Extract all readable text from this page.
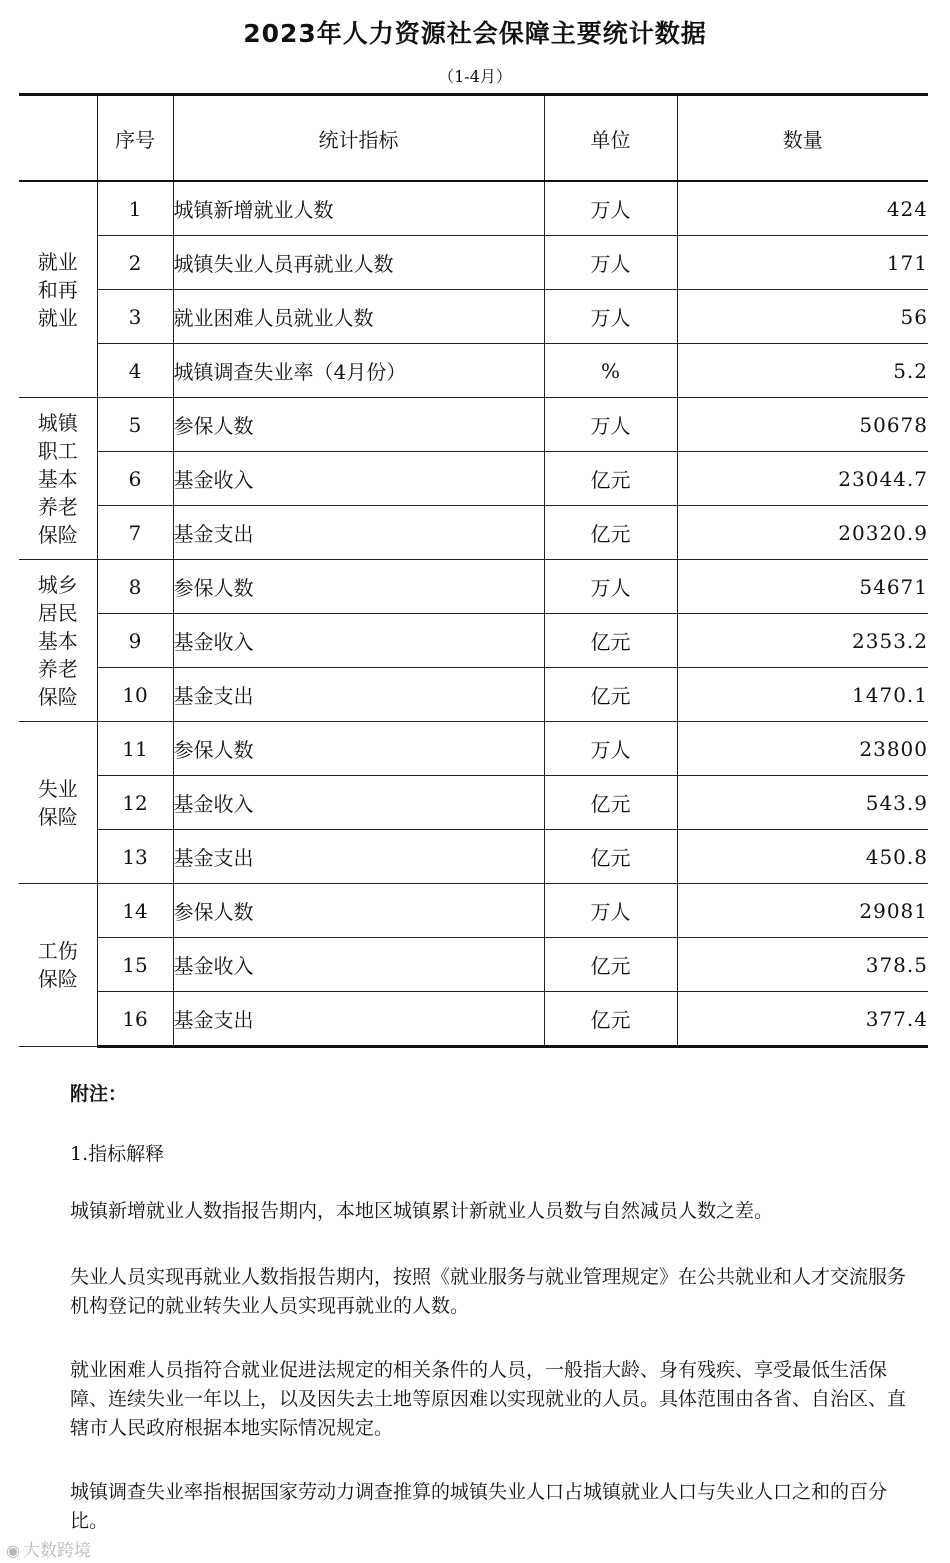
2023年人力资源社会保障主要统计数据
（1-4月）
	序号	统计指标	单位	数量

就业
和再
就业	1	城镇新增就业人数	万人	424
	2	城镇失业人员再就业人数	万人	171
	3	就业困难人员就业人数	万人	56
	4	城镇调查失业率（4月份）	%	5.2

城镇
职工
基本
养老
保险	5	参保人数	万人	50678
	6	基金收入	亿元	23044.7
	7	基金支出	亿元	20320.9

城乡
居民
基本
养老
保险	8	参保人数	万人	54671
	9	基金收入	亿元	2353.2
	10	基金支出	亿元	1470.1

失业
保险	11	参保人数	万人	23800
	12	基金收入	亿元	543.9
	13	基金支出	亿元	450.8

工伤
保险	14	参保人数	万人	29081
	15	基金收入	亿元	378.5
	16	基金支出	亿元	377.4
附注：
1.指标解释
城镇新增就业人数指报告期内，本地区城镇累计新就业人员数与自然减员人数之差。
失业人员实现再就业人数指报告期内，按照《就业服务与就业管理规定》在公共就业和人才交流服务机构登记的就业转失业人员实现再就业的人数。
就业困难人员指符合就业促进法规定的相关条件的人员，一般指大龄、身有残疾、享受最低生活保障、连续失业一年以上，以及因失去土地等原因难以实现就业的人员。具体范围由各省、自治区、直辖市人民政府根据本地实际情况规定。
城镇调查失业率指根据国家劳动力调查推算的城镇失业人口占城镇就业人口与失业人口之和的百分比。
◉ 大数跨境
